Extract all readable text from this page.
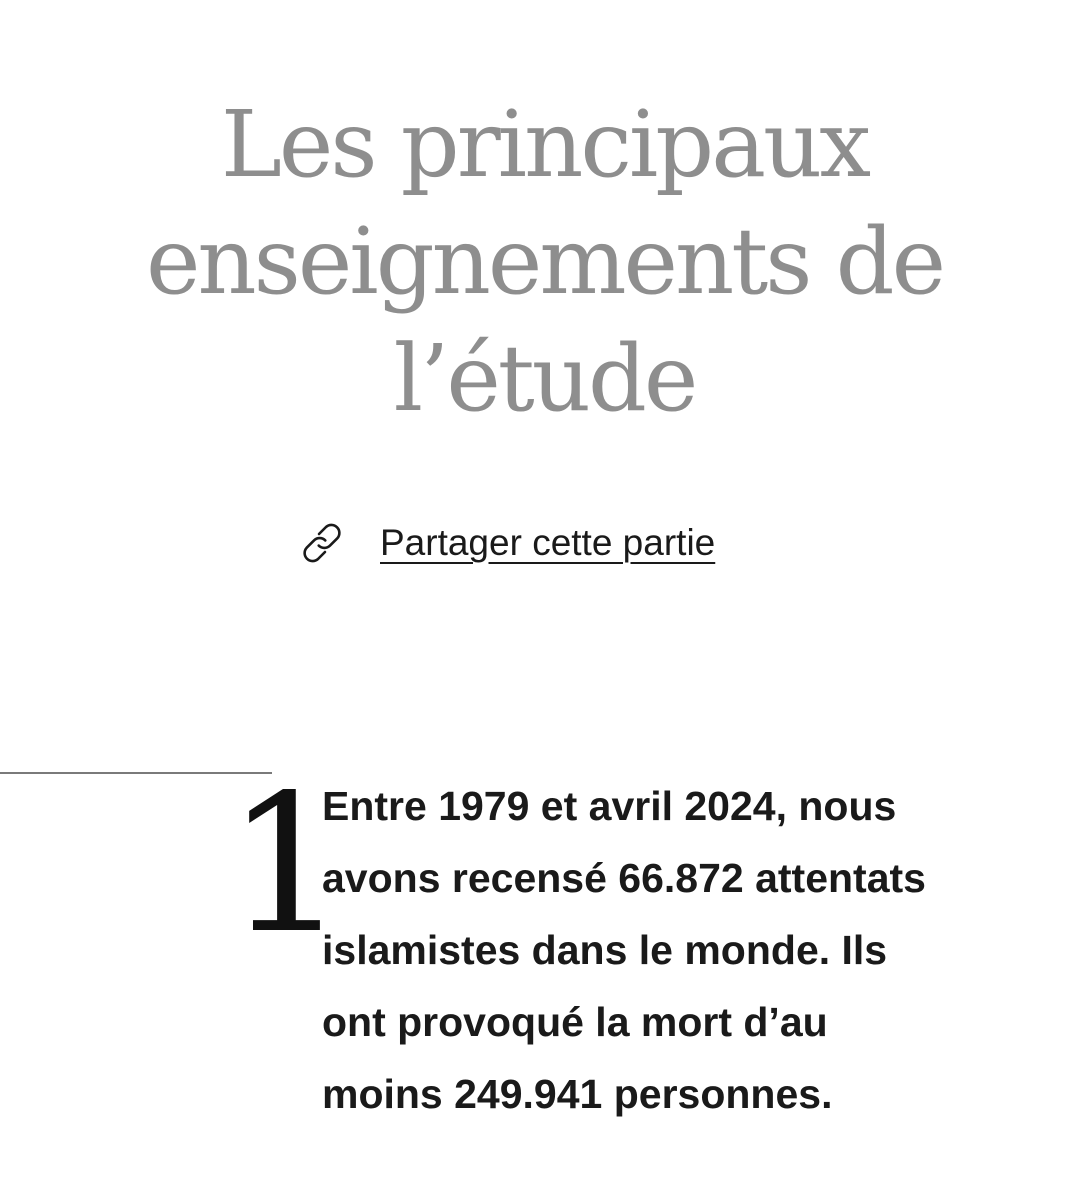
Les principaux
enseignements de
l’étude
Partager cette partie
1

Entre 1979 et avril 2024, nous
avons recensé 66.872 attentats
islamistes dans le monde. Ils
ont provoqué la mort d’au
moins 249.941 personnes.
